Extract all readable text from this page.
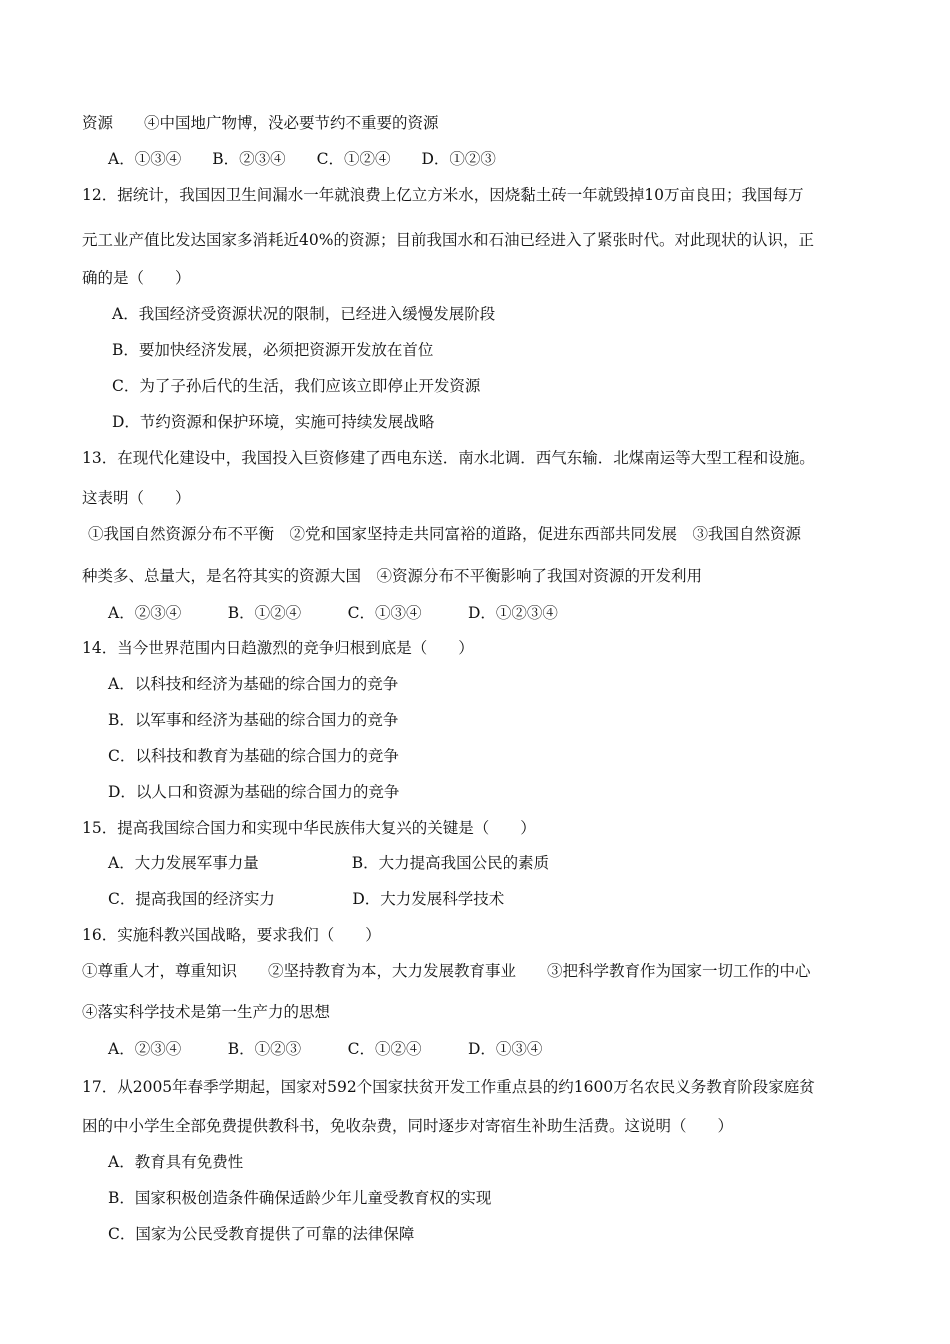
资源　　④中国地广物博，没必要节约不重要的资源
A．①③④　　B．②③④　　C．①②④　　D．①②③
12．据统计，我国因卫生间漏水一年就浪费上亿立方米水，因烧黏土砖一年就毁掉10万亩良田；我国每万
元工业产值比发达国家多消耗近40%的资源；目前我国水和石油已经进入了紧张时代。对此现状的认识，正
确的是（　　）
A．我国经济受资源状况的限制，已经进入缓慢发展阶段
B．要加快经济发展，必须把资源开发放在首位
C．为了子孙后代的生活，我们应该立即停止开发资源
D．节约资源和保护环境，实施可持续发展战略
13．在现代化建设中，我国投入巨资修建了西电东送．南水北调．西气东输．北煤南运等大型工程和设施。
这表明（　　）
①我国自然资源分布不平衡　②党和国家坚持走共同富裕的道路，促进东西部共同发展　③我国自然资源
种类多、总量大，是名符其实的资源大国　④资源分布不平衡影响了我国对资源的开发利用
A．②③④　　　B．①②④　　　C．①③④　　　D．①②③④
14．当今世界范围内日趋激烈的竞争归根到底是（　　）
A．以科技和经济为基础的综合国力的竞争
B．以军事和经济为基础的综合国力的竞争
C．以科技和教育为基础的综合国力的竞争
D．以人口和资源为基础的综合国力的竞争
15．提高我国综合国力和实现中华民族伟大复兴的关键是（　　）
A．大力发展军事力量　　　　　　B．大力提高我国公民的素质
C．提高我国的经济实力　　　　　D．大力发展科学技术
16．实施科教兴国战略，要求我们（　　）
①尊重人才，尊重知识　　②坚持教育为本，大力发展教育事业　　③把科学教育作为国家一切工作的中心
④落实科学技术是第一生产力的思想
A．②③④　　　B．①②③　　　C．①②④　　　D．①③④
17．从2005年春季学期起，国家对592个国家扶贫开发工作重点县的约1600万名农民义务教育阶段家庭贫
困的中小学生全部免费提供教科书，免收杂费，同时逐步对寄宿生补助生活费。这说明（　　）
A．教育具有免费性
B．国家积极创造条件确保适龄少年儿童受教育权的实现
C．国家为公民受教育提供了可靠的法律保障
